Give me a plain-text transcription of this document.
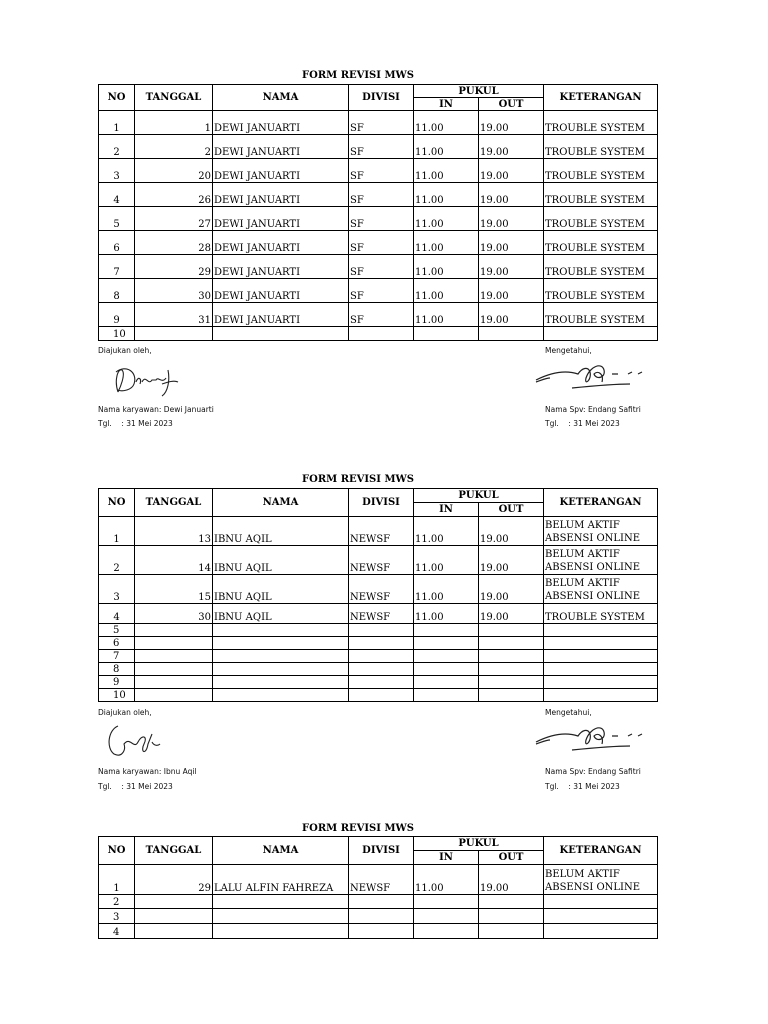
FORM REVISI MWS
NO	TANGGAL	NAMA	DIVISI	PUKUL		KETERANGAN
				IN	OUT	
1	1	DEWI JANUARTI	SF	11.00	19.00	TROUBLE SYSTEM
2	2	DEWI JANUARTI	SF	11.00	19.00	TROUBLE SYSTEM
3	20	DEWI JANUARTI	SF	11.00	19.00	TROUBLE SYSTEM
4	26	DEWI JANUARTI	SF	11.00	19.00	TROUBLE SYSTEM
5	27	DEWI JANUARTI	SF	11.00	19.00	TROUBLE SYSTEM
6	28	DEWI JANUARTI	SF	11.00	19.00	TROUBLE SYSTEM
7	29	DEWI JANUARTI	SF	11.00	19.00	TROUBLE SYSTEM
8	30	DEWI JANUARTI	SF	11.00	19.00	TROUBLE SYSTEM
9	31	DEWI JANUARTI	SF	11.00	19.00	TROUBLE SYSTEM
10						
Diajukan oleh,	Mengetahui,
Nama karyawan: Dewi Januarti
Tgl.    : 31 Mei 2023
Nama Spv: Endang Safitri
Tgl.    : 31 Mei 2023
FORM REVISI MWS
NO	TANGGAL	NAMA	DIVISI	PUKUL		KETERANGAN
				IN	OUT	
1	13	IBNU AQIL	NEWSF	11.00	19.00	BELUM AKTIF ABSENSI ONLINE
2	14	IBNU AQIL	NEWSF	11.00	19.00	BELUM AKTIF ABSENSI ONLINE
3	15	IBNU AQIL	NEWSF	11.00	19.00	BELUM AKTIF ABSENSI ONLINE
4	30	IBNU AQIL	NEWSF	11.00	19.00	TROUBLE SYSTEM
5						
6						
7						
8						
9						
10						
Diajukan oleh,	Mengetahui,
Nama karyawan: Ibnu Aqil
Tgl.    : 31 Mei 2023
Nama Spv: Endang Safitri
Tgl.    : 31 Mei 2023
FORM REVISI MWS
NO	TANGGAL	NAMA	DIVISI	PUKUL		KETERANGAN
				IN	OUT	
1	29	LALU ALFIN FAHREZA	NEWSF	11.00	19.00	BELUM AKTIF ABSENSI ONLINE
2						
3						
4						
